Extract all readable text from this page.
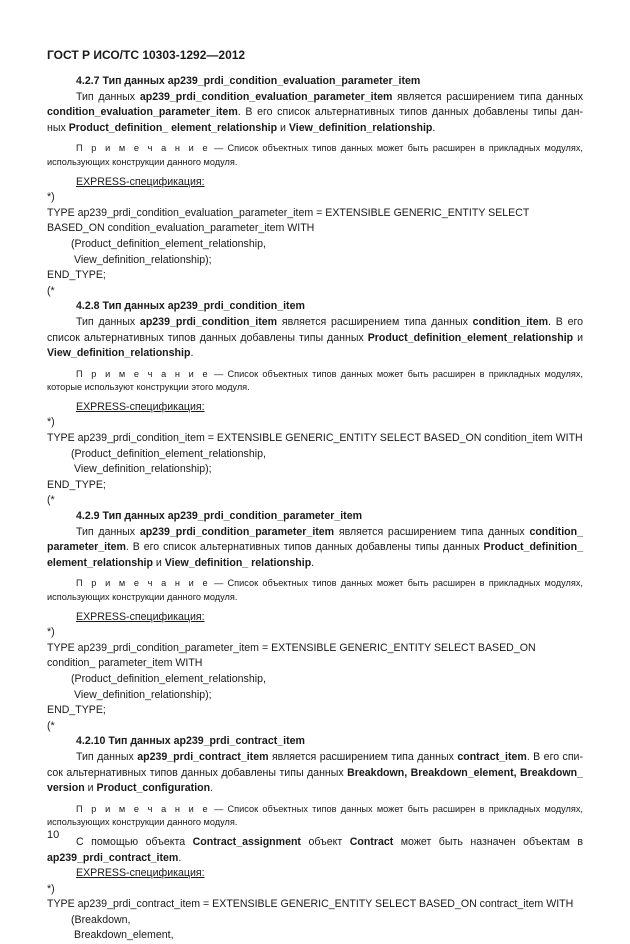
ГОСТ Р ИСО/ТС 10303-1292—2012

4.2.7 Тип данных ap239_prdi_condition_evaluation_parameter_item

Тип данных ap239_prdi_condition_evaluation_parameter_item является расширением типа данных condition_evaluation_parameter_item. В его список альтернативных типов данных добавлены типы дан-ных Product_definition_ element_relationship и View_definition_relationship.

П р и м е ч а н и е — Список объектных типов данных может быть расширен в прикладных модулях, использующих конструкции данного модуля.

EXPRESS-спецификация:

*)

TYPE ap239_prdi_condition_evaluation_parameter_item = EXTENSIBLE GENERIC_ENTITY SELECT BASED_ON condition_evaluation_parameter_item WITH

(Product_definition_element_relationship,

View_definition_relationship);

END_TYPE;

(*

4.2.8 Тип данных ap239_prdi_condition_item

Тип данных ap239_prdi_condition_item является расширением типа данных condition_item. В его список альтернативных типов данных добавлены типы данных Product_definition_element_relationship и View_definition_relationship.

П р и м е ч а н и е — Список объектных типов данных может быть расширен в прикладных модулях, которые используют конструкции этого модуля.

EXPRESS-спецификация:

*)

TYPE ap239_prdi_condition_item = EXTENSIBLE GENERIC_ENTITY SELECT BASED_ON condition_item WITH

(Product_definition_element_relationship,

View_definition_relationship);

END_TYPE;

(*

4.2.9 Тип данных ap239_prdi_condition_parameter_item

Тип данных ap239_prdi_condition_parameter_item является расширением типа данных condition_ parameter_item. В его список альтернативных типов данных добавлены типы данных Product_definition_ element_relationship и View_definition_ relationship.

П р и м е ч а н и е — Список объектных типов данных может быть расширен в прикладных модулях, использующих конструкции данного модуля.

EXPRESS-спецификация:

*)

TYPE ap239_prdi_condition_parameter_item = EXTENSIBLE GENERIC_ENTITY SELECT BASED_ON condition_ parameter_item WITH

(Product_definition_element_relationship,

View_definition_relationship);

END_TYPE;

(*

4.2.10 Тип данных ap239_prdi_contract_item

Тип данных ap239_prdi_contract_item является расширением типа данных contract_item. В его спи-сок альтернативных типов данных добавлены типы данных Breakdown, Breakdown_element, Breakdown_ version и Product_configuration.

П р и м е ч а н и е — Список объектных типов данных может быть расширен в прикладных модулях, использующих конструкции данного модуля.

С помощью объекта Contract_assignment объект Contract может быть назначен объектам в ap239_prdi_contract_item.

EXPRESS-спецификация:

*)

TYPE ap239_prdi_contract_item = EXTENSIBLE GENERIC_ENTITY SELECT BASED_ON contract_item WITH

(Breakdown,

Breakdown_element,

10
